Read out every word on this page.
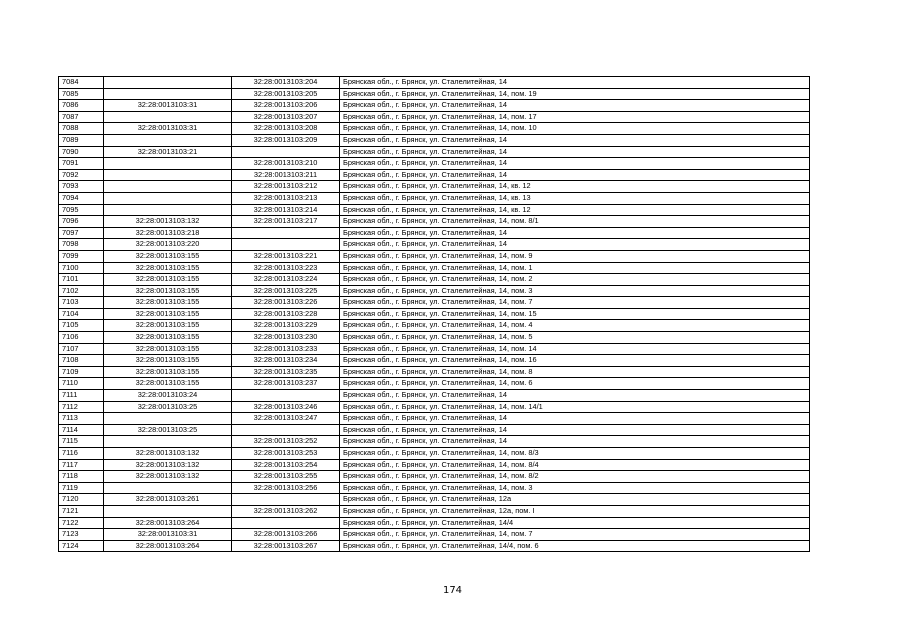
7084		32:28:0013103:204	Брянская обл., г. Брянск, ул. Сталелитейная, 14
7085		32:28:0013103:205	Брянская обл., г. Брянск, ул. Сталелитейная, 14, пом. 19
7086	32:28:0013103:31	32:28:0013103:206	Брянская обл., г. Брянск, ул. Сталелитейная, 14
7087		32:28:0013103:207	Брянская обл., г. Брянск, ул. Сталелитейная, 14, пом. 17
7088	32:28:0013103:31	32:28:0013103:208	Брянская обл., г. Брянск, ул. Сталелитейная, 14, пом. 10
7089		32:28:0013103:209	Брянская обл., г. Брянск, ул. Сталелитейная, 14
7090	32:28:0013103:21		Брянская обл., г. Брянск, ул. Сталелитейная, 14
7091		32:28:0013103:210	Брянская обл., г. Брянск, ул. Сталелитейная, 14
7092		32:28:0013103:211	Брянская обл., г. Брянск, ул. Сталелитейная, 14
7093		32:28:0013103:212	Брянская обл., г. Брянск, ул. Сталелитейная, 14, кв. 12
7094		32:28:0013103:213	Брянская обл., г. Брянск, ул. Сталелитейная, 14, кв. 13
7095		32:28:0013103:214	Брянская обл., г. Брянск, ул. Сталелитейная, 14, кв. 12
7096	32:28:0013103:132	32:28:0013103:217	Брянская обл., г. Брянск, ул. Сталелитейная, 14, пом. 8/1
7097	32:28:0013103:218		Брянская обл., г. Брянск, ул. Сталелитейная, 14
7098	32:28:0013103:220		Брянская обл., г. Брянск, ул. Сталелитейная, 14
7099	32:28:0013103:155	32:28:0013103:221	Брянская обл., г. Брянск, ул. Сталелитейная, 14, пом. 9
7100	32:28:0013103:155	32:28:0013103:223	Брянская обл., г. Брянск, ул. Сталелитейная, 14, пом. 1
7101	32:28:0013103:155	32:28:0013103:224	Брянская обл., г. Брянск, ул. Сталелитейная, 14, пом. 2
7102	32:28:0013103:155	32:28:0013103:225	Брянская обл., г. Брянск, ул. Сталелитейная, 14, пом. 3
7103	32:28:0013103:155	32:28:0013103:226	Брянская обл., г. Брянск, ул. Сталелитейная, 14, пом. 7
7104	32:28:0013103:155	32:28:0013103:228	Брянская обл., г. Брянск, ул. Сталелитейная, 14, пом. 15
7105	32:28:0013103:155	32:28:0013103:229	Брянская обл., г. Брянск, ул. Сталелитейная, 14, пом. 4
7106	32:28:0013103:155	32:28:0013103:230	Брянская обл., г. Брянск, ул. Сталелитейная, 14, пом. 5
7107	32:28:0013103:155	32:28:0013103:233	Брянская обл., г. Брянск, ул. Сталелитейная, 14, пом. 14
7108	32:28:0013103:155	32:28:0013103:234	Брянская обл., г. Брянск, ул. Сталелитейная, 14, пом. 16
7109	32:28:0013103:155	32:28:0013103:235	Брянская обл., г. Брянск, ул. Сталелитейная, 14, пом. 8
7110	32:28:0013103:155	32:28:0013103:237	Брянская обл., г. Брянск, ул. Сталелитейная, 14, пом. 6
7111	32:28:0013103:24		Брянская обл., г. Брянск, ул. Сталелитейная, 14
7112	32:28:0013103:25	32:28:0013103:246	Брянская обл., г. Брянск, ул. Сталелитейная, 14, пом. 14/1
7113		32:28:0013103:247	Брянская обл., г. Брянск, ул. Сталелитейная, 14
7114	32:28:0013103:25		Брянская обл., г. Брянск, ул. Сталелитейная, 14
7115		32:28:0013103:252	Брянская обл., г. Брянск, ул. Сталелитейная, 14
7116	32:28:0013103:132	32:28:0013103:253	Брянская обл., г. Брянск, ул. Сталелитейная, 14, пом. 8/3
7117	32:28:0013103:132	32:28:0013103:254	Брянская обл., г. Брянск, ул. Сталелитейная, 14, пом. 8/4
7118	32:28:0013103:132	32:28:0013103:255	Брянская обл., г. Брянск, ул. Сталелитейная, 14, пом. 8/2
7119		32:28:0013103:256	Брянская обл., г. Брянск, ул. Сталелитейная, 14, пом. 3
7120	32:28:0013103:261		Брянская обл., г. Брянск, ул. Сталелитейная, 12а
7121		32:28:0013103:262	Брянская обл., г. Брянск, ул. Сталелитейная, 12а, пом. I
7122	32:28:0013103:264		Брянская обл., г. Брянск, ул. Сталелитейная, 14/4
7123	32:28:0013103:31	32:28:0013103:266	Брянская обл., г. Брянск, ул. Сталелитейная, 14, пом. 7
7124	32:28:0013103:264	32:28:0013103:267	Брянская обл., г. Брянск, ул. Сталелитейная, 14/4, пом. 6
174
